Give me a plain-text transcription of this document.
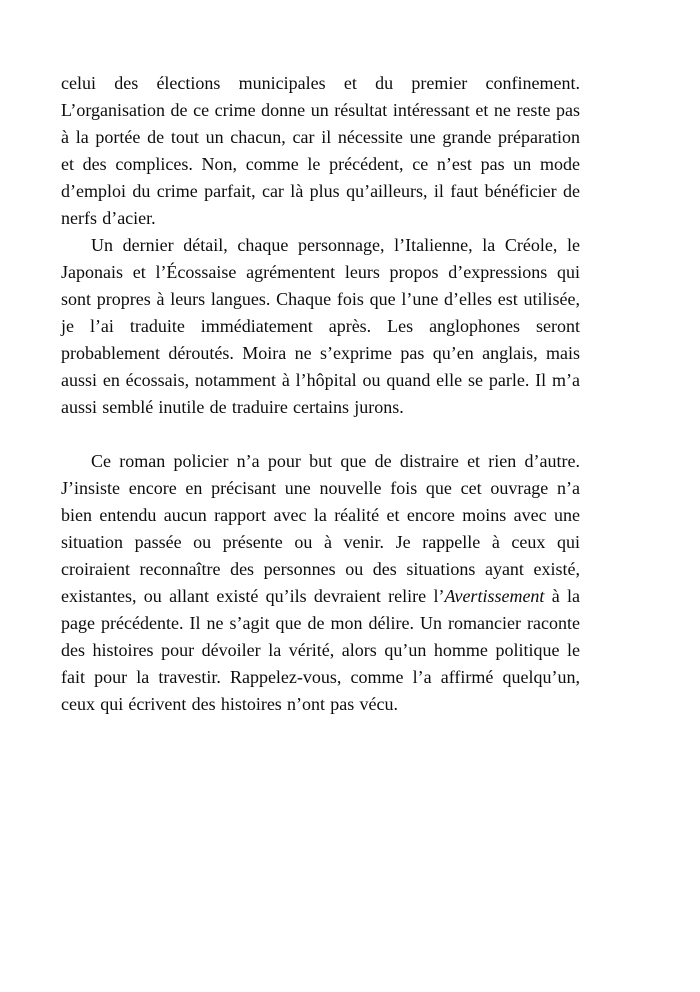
celui des élections municipales et du premier confinement. L’organisation de ce crime donne un résultat intéressant et ne reste pas à la portée de tout un chacun, car il nécessite une grande préparation et des complices. Non, comme le précédent, ce n’est pas un mode d’emploi du crime parfait, car là plus qu’ailleurs, il faut bénéficier de nerfs d’acier.

Un dernier détail, chaque personnage, l’Italienne, la Créole, le Japonais et l’Écossaise agrémentent leurs propos d’expressions qui sont propres à leurs langues. Chaque fois que l’une d’elles est utilisée, je l’ai traduite immédiatement après. Les anglophones seront probablement déroutés. Moira ne s’exprime pas qu’en anglais, mais aussi en écossais, notamment à l’hôpital ou quand elle se parle. Il m’a aussi semblé inutile de traduire certains jurons.

Ce roman policier n’a pour but que de distraire et rien d’autre. J’insiste encore en précisant une nouvelle fois que cet ouvrage n’a bien entendu aucun rapport avec la réalité et encore moins avec une situation passée ou présente ou à venir. Je rappelle à ceux qui croiraient reconnaître des personnes ou des situations ayant existé, existantes, ou allant existé qu’ils devraient relire l’Avertissement à la page précédente. Il ne s’agit que de mon délire. Un romancier raconte des histoires pour dévoiler la vérité, alors qu’un homme politique le fait pour la travestir. Rappelez-vous, comme l’a affirmé quelqu’un, ceux qui écrivent des histoires n’ont pas vécu.
